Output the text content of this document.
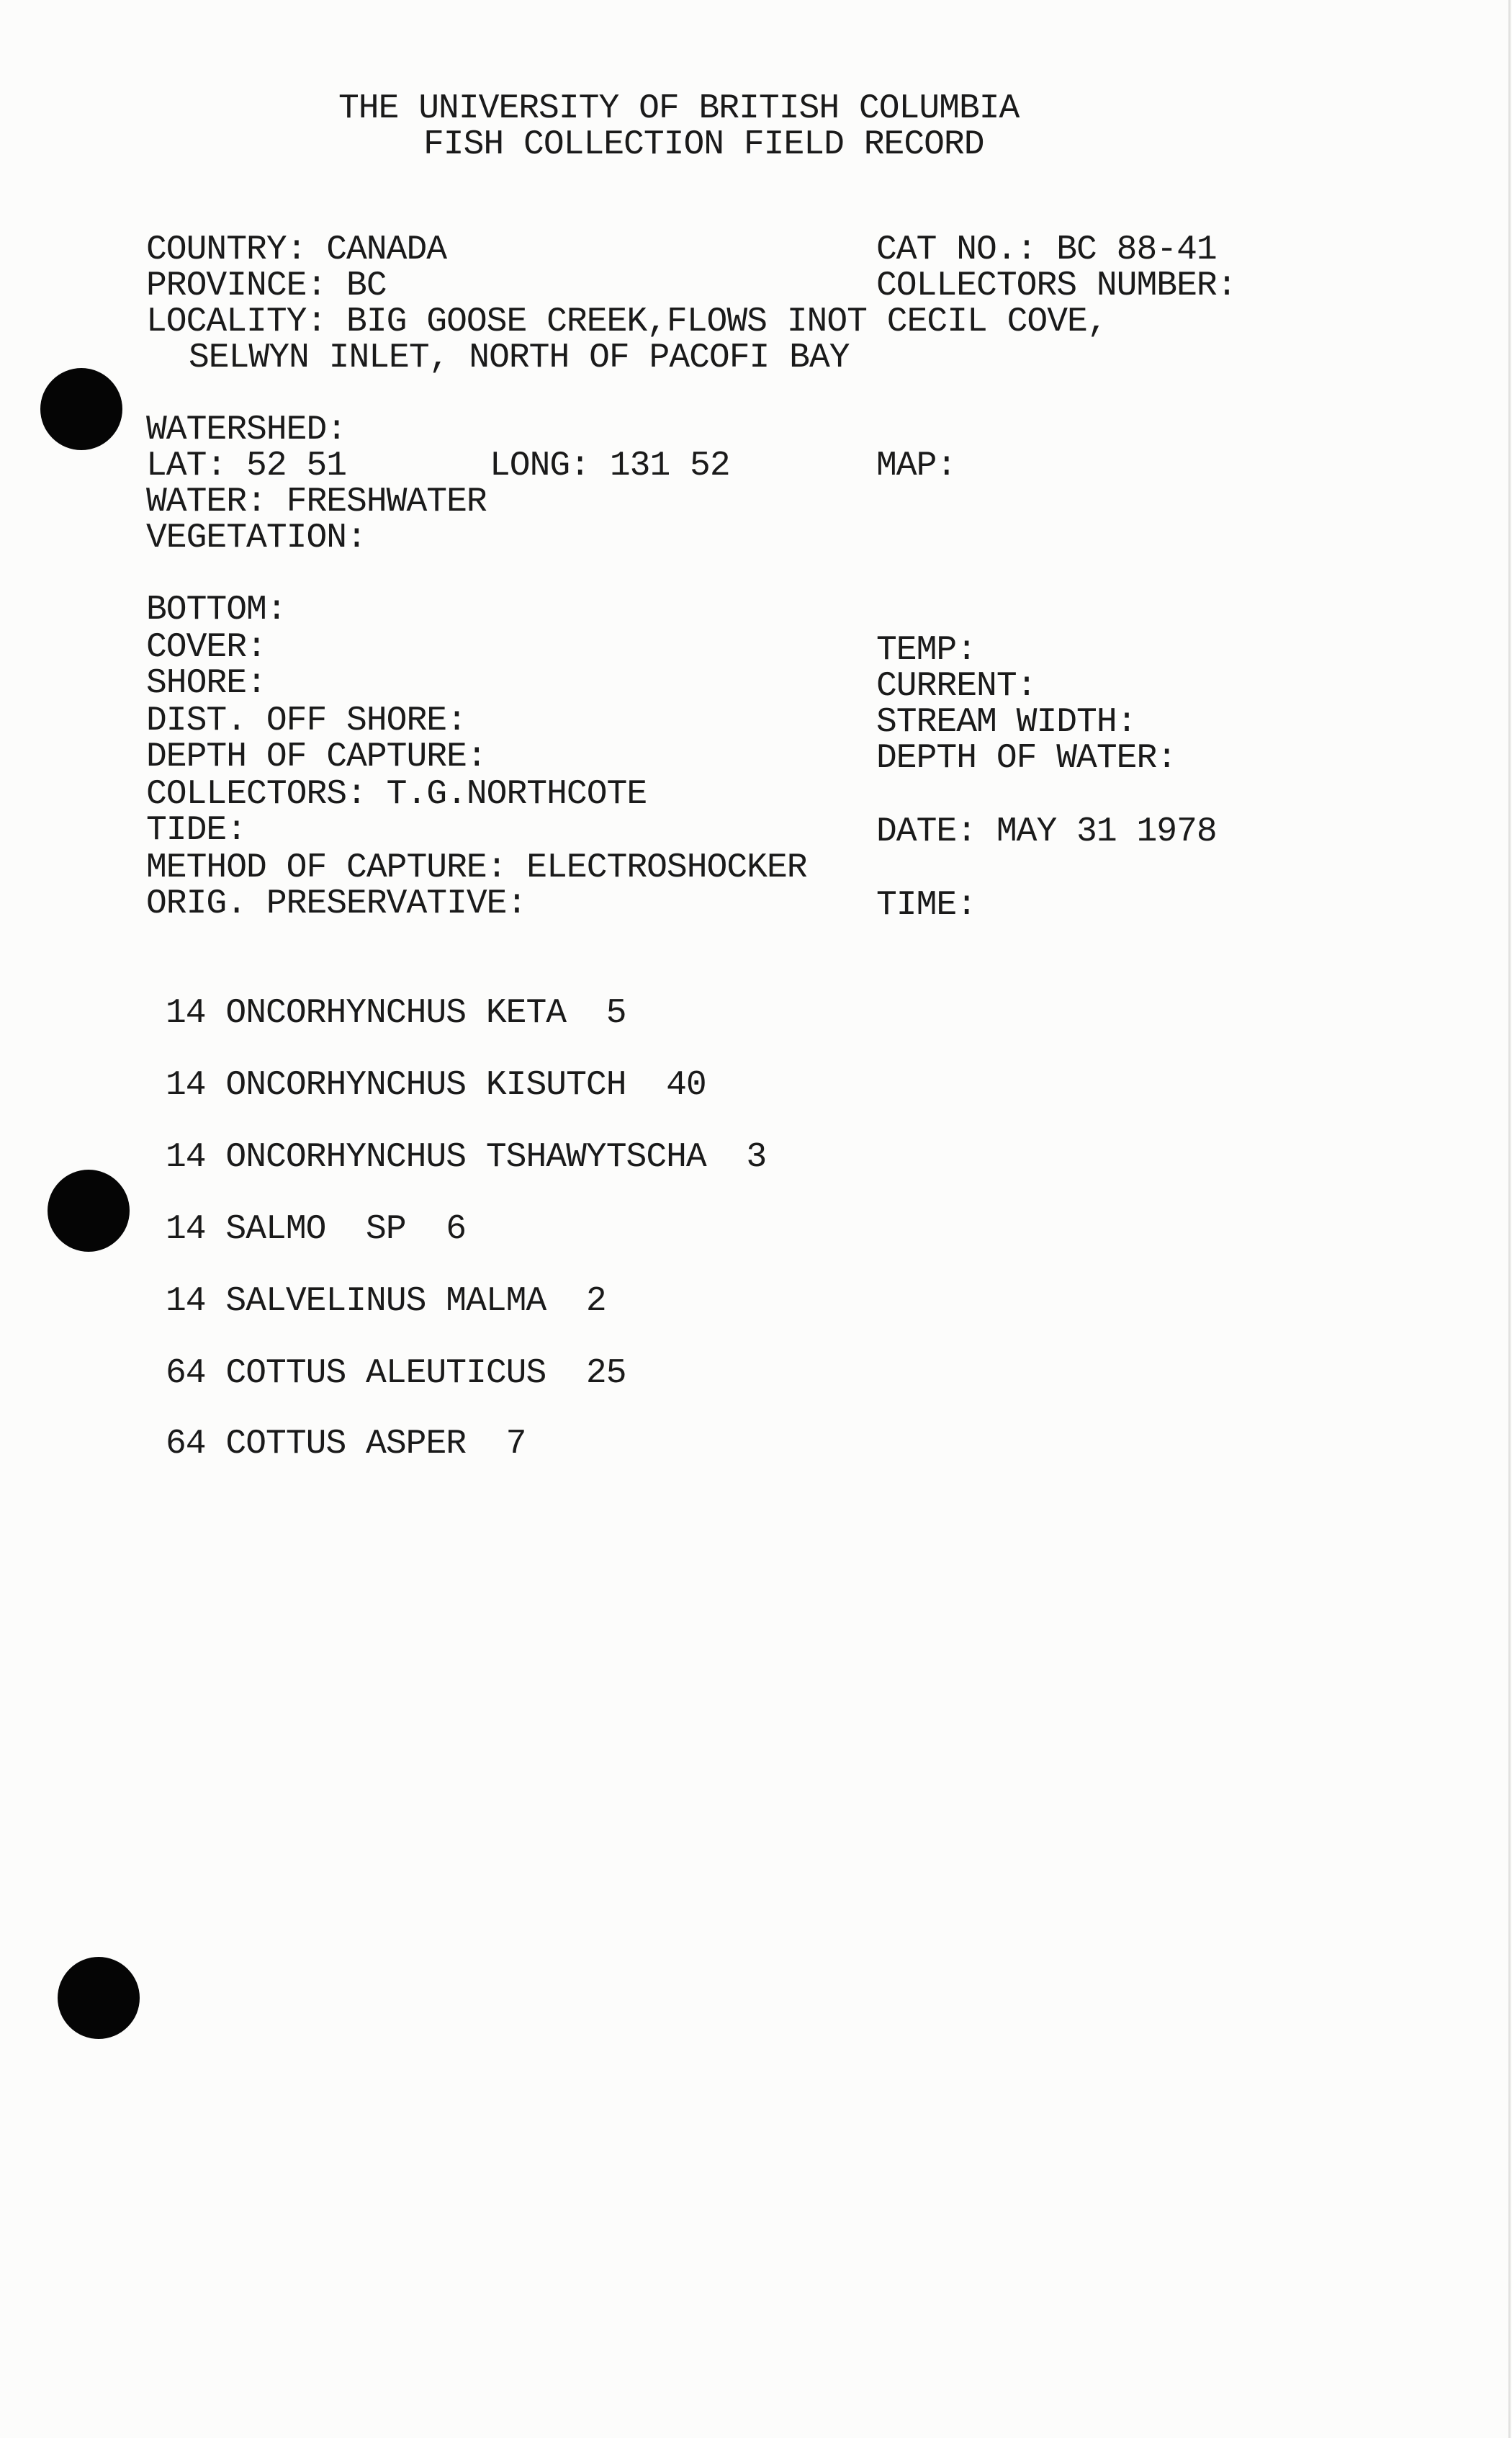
THE UNIVERSITY OF BRITISH COLUMBIA
FISH COLLECTION FIELD RECORD
COUNTRY: CANADA	CAT NO.: BC 88-41
PROVINCE: BC	COLLECTORS NUMBER:
LOCALITY: BIG GOOSE CREEK,FLOWS INOT CECIL COVE,
SELWYN INLET, NORTH OF PACOFI BAY
WATERSHED:
LAT: 52 51	LONG: 131 52	MAP:
WATER: FRESHWATER
VEGETATION:
BOTTOM:
COVER:	TEMP:
SHORE:	CURRENT:
DIST. OFF SHORE:	STREAM WIDTH:
DEPTH OF CAPTURE:	DEPTH OF WATER:
COLLECTORS: T.G.NORTHCOTE
TIDE:	DATE: MAY 31 1978
METHOD OF CAPTURE: ELECTROSHOCKER
ORIG. PRESERVATIVE:	TIME:
14 ONCORHYNCHUS KETA  5
14 ONCORHYNCHUS KISUTCH  40
14 ONCORHYNCHUS TSHAWYTSCHA  3
14 SALMO  SP  6
14 SALVELINUS MALMA  2
64 COTTUS ALEUTICUS  25
64 COTTUS ASPER  7
